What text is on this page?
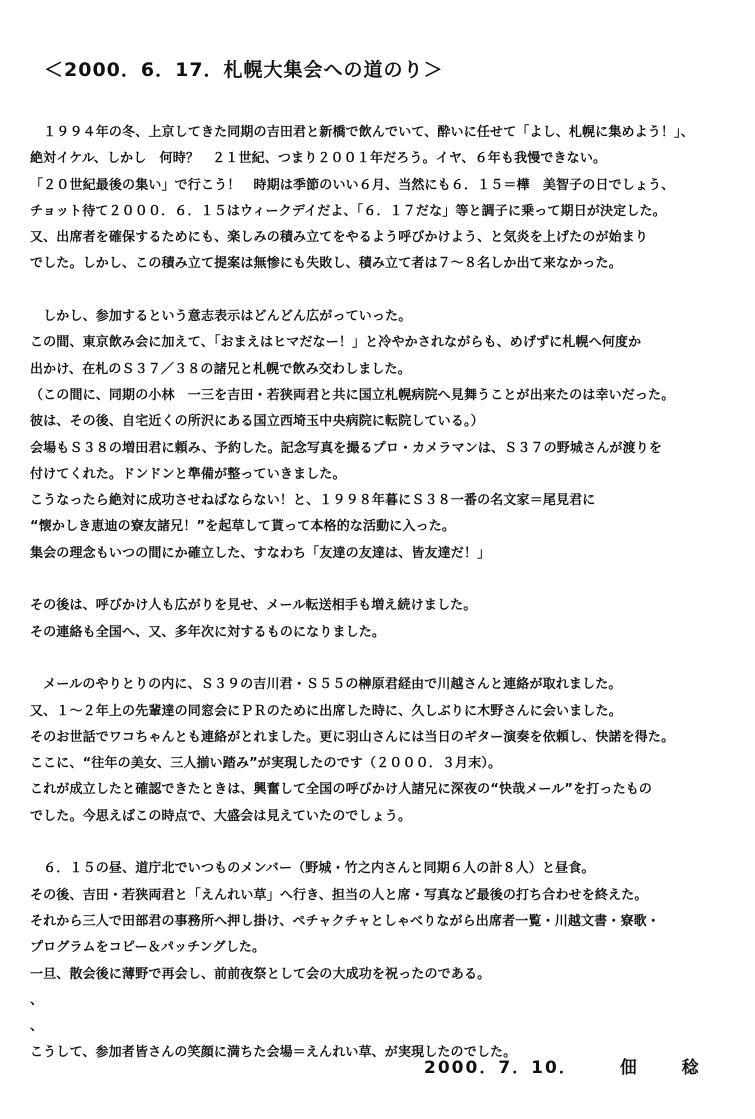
＜2000．6．17．札幌大集会への道のり＞
　１９９４年の冬、上京してきた同期の吉田君と新橋で飲んでいて、酔いに任せて「よし、札幌に集めよう！」、
絶対イケル、しかし　何時？　２１世紀、つまり２００１年だろう。イヤ、６年も我慢できない。
「２０世紀最後の集い」で行こう！　時期は季節のいい６月、当然にも６．１５＝樺　美智子の日でしょう、
チョット待て２０００．６．１５はウィークデイだよ、「６．１７だな」等と調子に乗って期日が決定した。
又、出席者を確保するためにも、楽しみの積み立てをやるよう呼びかけよう、と気炎を上げたのが始まり
でした。しかし、この積み立て提案は無惨にも失敗し、積み立て者は７〜８名しか出て来なかった。
　しかし、参加するという意志表示はどんどん広がっていった。
この間、東京飲み会に加えて、「おまえはヒマだなー！」と冷やかされながらも、めげずに札幌へ何度か
出かけ、在札のＳ３７／３８の諸兄と札幌で飲み交わしました。
（この間に、同期の小林　一三を吉田・若狭両君と共に国立札幌病院へ見舞うことが出来たのは幸いだった。
彼は、その後、自宅近くの所沢にある国立西埼玉中央病院に転院している。）
会場もＳ３８の増田君に頼み、予約した。記念写真を撮るプロ・カメラマンは、Ｓ３７の野城さんが渡りを
付けてくれた。ドンドンと準備が整っていきました。
こうなったら絶対に成功させねばならない！と、１９９８年暮にＳ３８一番の名文家＝尾見君に
“懐かしき恵迪の寮友諸兄！”を起草して貰って本格的な活動に入った。
集会の理念もいつの間にか確立した、すなわち「友達の友達は、皆友達だ！」
その後は、呼びかけ人も広がりを見せ、メール転送相手も増え続けました。
その連絡も全国へ、又、多年次に対するものになりました。
　メールのやりとりの内に、Ｓ３９の吉川君・Ｓ５５の榊原君経由で川越さんと連絡が取れました。
又、１〜２年上の先輩達の同窓会にＰＲのために出席した時に、久しぶりに木野さんに会いました。
そのお世話でワコちゃんとも連絡がとれました。更に羽山さんには当日のギター演奏を依頼し、快諾を得た。
ここに、“往年の美女、三人揃い踏み”が実現したのです（２０００．３月末）。
これが成立したと確認できたときは、興奮して全国の呼びかけ人諸兄に深夜の“快哉メール”を打ったもの
でした。今思えばこの時点で、大盛会は見えていたのでしょう。
　６．１５の昼、道庁北でいつものメンバー（野城・竹之内さんと同期６人の計８人）と昼食。
その後、吉田・若狭両君と「えんれい草」へ行き、担当の人と席・写真など最後の打ち合わせを終えた。
それから三人で田部君の事務所へ押し掛け、ペチャクチャとしゃべりながら出席者一覧・川越文書・寮歌・
プログラムをコピー＆パッチングした。
一旦、散会後に薄野で再会し、前前夜祭として会の大成功を祝ったのである。
、
、
こうして、参加者皆さんの笑顔に満ちた会場＝えんれい草、が実現したのでした。
2000．7．10． 佃　稔
